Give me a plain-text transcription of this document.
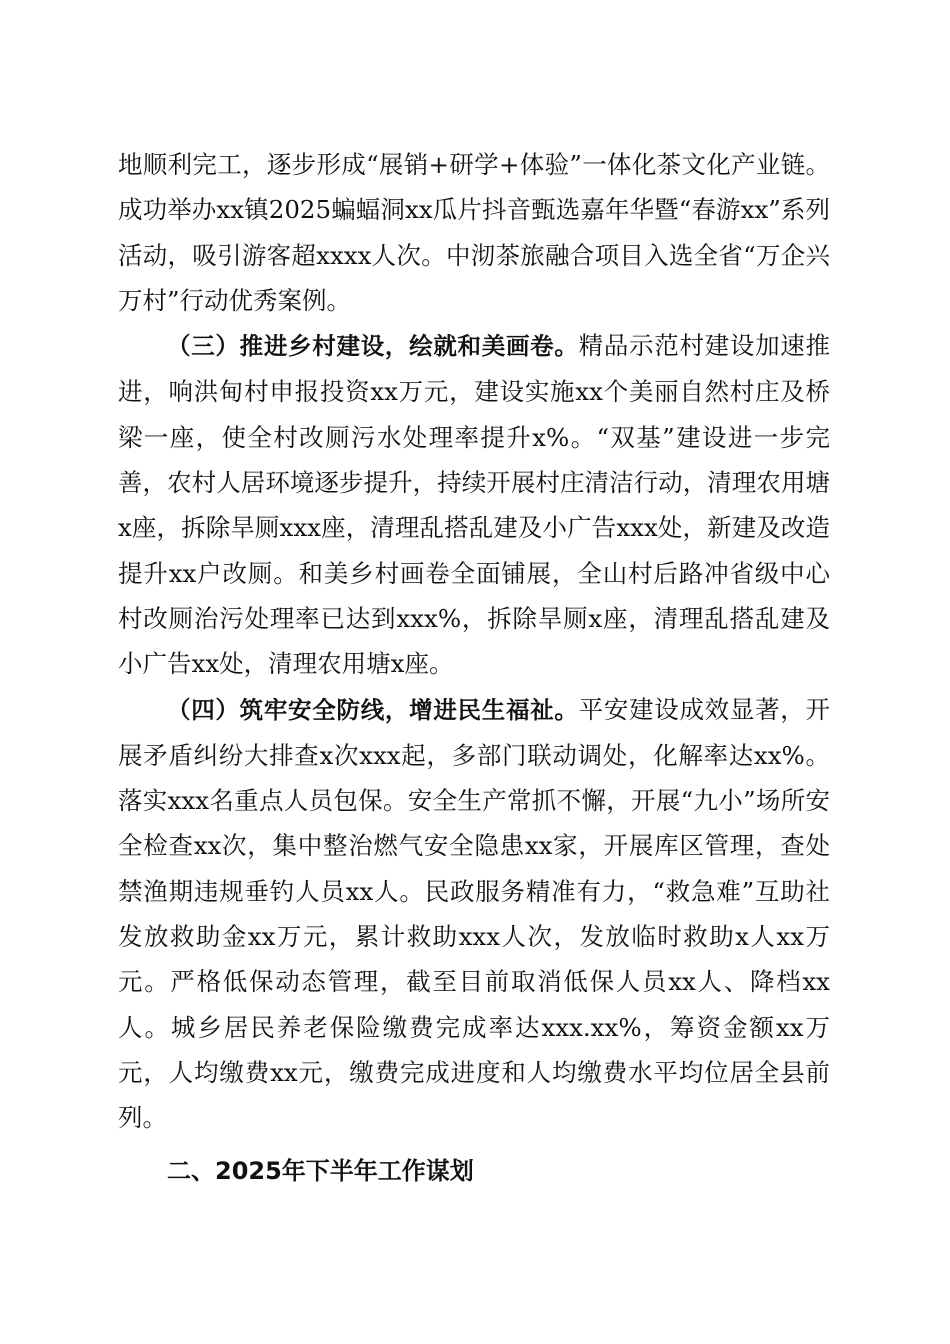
地顺利完工，逐步形成“展销+研学+体验”一体化茶文化产业链。成功举办xx镇2025蝙蝠洞xx瓜片抖音甄选嘉年华暨“春游xx”系列活动，吸引游客超xxxx人次。中沏茶旅融合项目入选全省“万企兴万村”行动优秀案例。

（三）推进乡村建设，绘就和美画卷。精品示范村建设加速推进，响洪甸村申报投资xx万元，建设实施xx个美丽自然村庄及桥梁一座，使全村改厕污水处理率提升x%。“双基”建设进一步完善，农村人居环境逐步提升，持续开展村庄清洁行动，清理农用塘x座，拆除旱厕xxx座，清理乱搭乱建及小广告xxx处，新建及改造提升xx户改厕。和美乡村画卷全面铺展，全山村后路冲省级中心村改厕治污处理率已达到xxx%，拆除旱厕x座，清理乱搭乱建及小广告xx处，清理农用塘x座。

（四）筑牢安全防线，增进民生福祉。平安建设成效显著，开展矛盾纠纷大排查x次xxx起，多部门联动调处，化解率达xx%。落实xxx名重点人员包保。安全生产常抓不懈，开展“九小”场所安全检查xx次，集中整治燃气安全隐患xx家，开展库区管理，查处禁渔期违规垂钓人员xx人。民政服务精准有力，“救急难”互助社发放救助金xx万元，累计救助xxx人次，发放临时救助x人xx万元。严格低保动态管理，截至目前取消低保人员xx人、降档xx人。城乡居民养老保险缴费完成率达xxx.xx%，筹资金额xx万元，人均缴费xx元，缴费完成进度和人均缴费水平均位居全县前列。

二、2025年下半年工作谋划
